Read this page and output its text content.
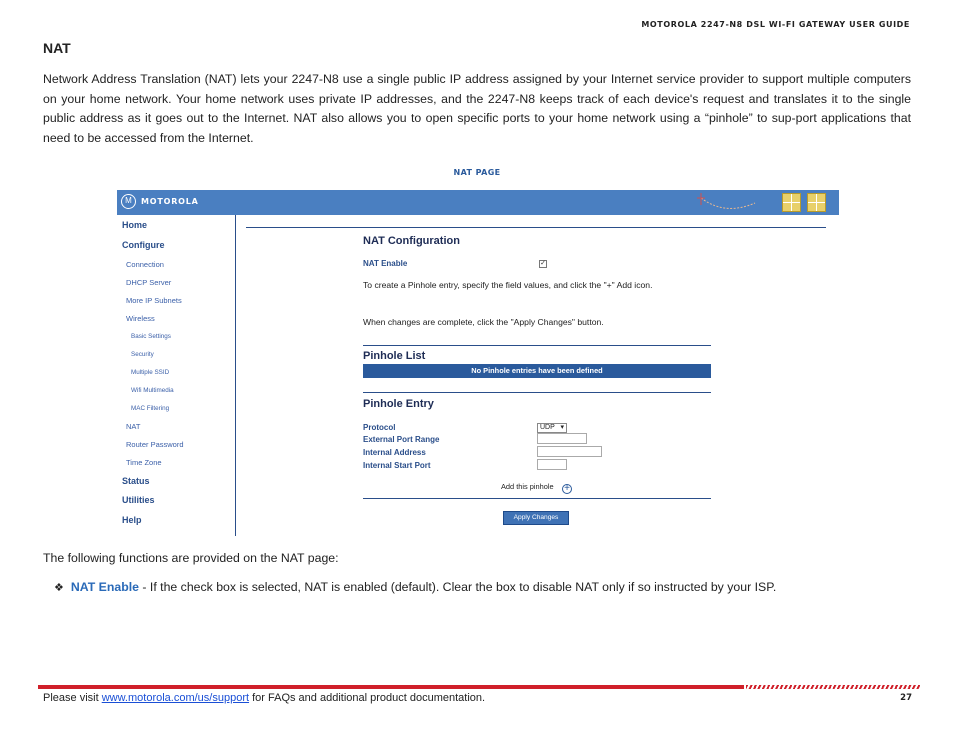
MOTOROLA 2247-N8 DSL WI-FI GATEWAY USER GUIDE
NAT
Network Address Translation (NAT) lets your 2247-N8 use a single public IP address assigned by your Internet service provider to support multiple computers on your home network. Your home network uses private IP addresses, and the 2247-N8 keeps track of each device's request and translates it to the single public address as it goes out to the Internet. NAT also allows you to open specific ports to your home network using a “pinhole” to sup-port applications that need to be accessed from the Internet.
NAT PAGE
M	MOTOROLA
Home
Configure
Connection
DHCP Server
More IP Subnets
Wireless
Basic Settings
Security
Multiple SSID
Wifi Multimedia
MAC Filtering
NAT
Router Password
Time Zone
Status
Utilities
Help
NAT Configuration
NAT Enable	✓
To create a Pinhole entry, specify the field values, and click the "+" Add icon.
When changes are complete, click the "Apply Changes" button.
Pinhole List
No Pinhole entries have been defined
Pinhole Entry
Protocol	UDP ▾
External Port Range
Internal Address
Internal Start Port
Add this pinhole +
Apply Changes
The following functions are provided on the NAT page:
❖ NAT Enable - If the check box is selected, NAT is enabled (default). Clear the box to disable NAT only if so instructed by your ISP.
Please visit www.motorola.com/us/support for FAQs and additional product documentation.	27
